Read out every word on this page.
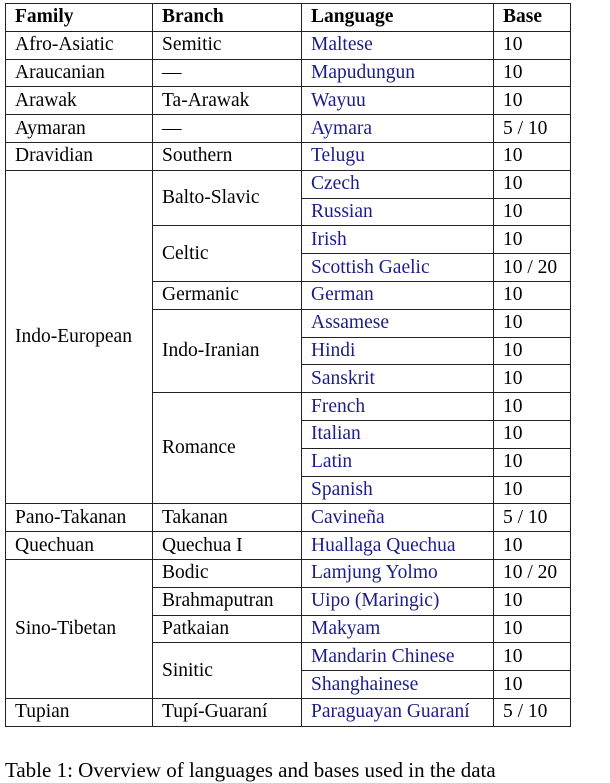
Family	Branch	Language	Base
Afro-Asiatic	Semitic	Maltese	10
Araucanian	—	Mapudungun	10
Arawak	Ta-Arawak	Wayuu	10
Aymaran	—	Aymara	5 / 10
Dravidian	Southern	Telugu	10
Indo-European	Balto-Slavic	Czech	10
		Russian	10
	Celtic	Irish	10
		Scottish Gaelic	10 / 20
	Germanic	German	10
	Indo-Iranian	Assamese	10
		Hindi	10
		Sanskrit	10
	Romance	French	10
		Italian	10
		Latin	10
		Spanish	10
Pano-Takanan	Takanan	Cavineña	5 / 10
Quechuan	Quechua I	Huallaga Quechua	10
Sino-Tibetan	Bodic	Lamjung Yolmo	10 / 20
	Brahmaputran	Uipo (Maringic)	10
	Patkaian	Makyam	10
	Sinitic	Mandarin Chinese	10
		Shanghainese	10
Tupian	Tupí-Guaraní	Paraguayan Guaraní	5 / 10
Table 1: Overview of languages and bases used in the data
